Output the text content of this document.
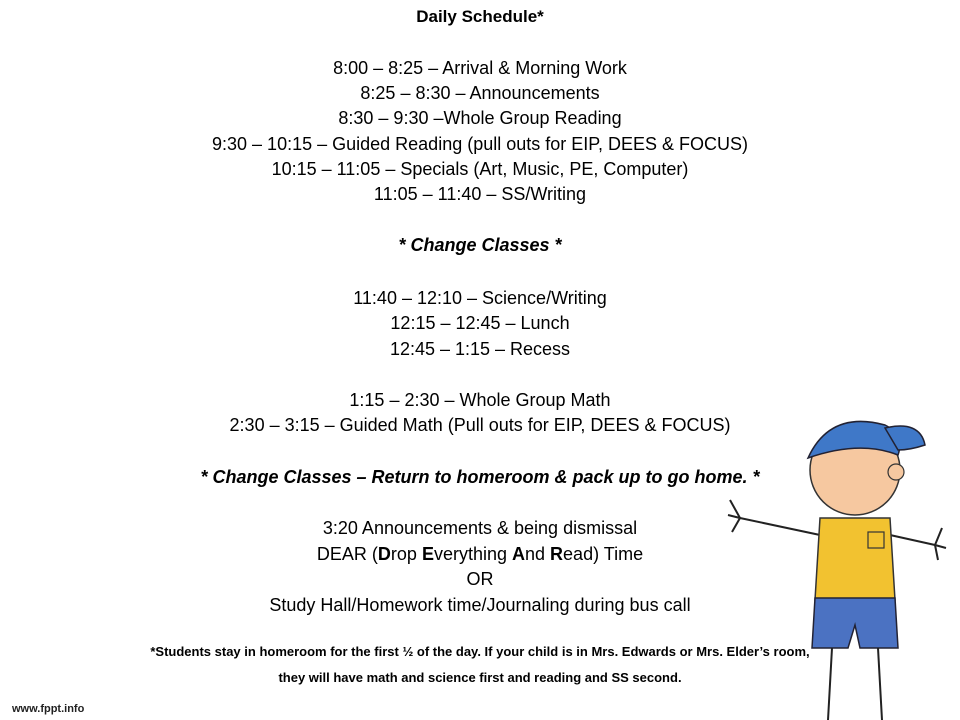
Daily Schedule*
8:00 – 8:25 – Arrival & Morning Work
8:25 – 8:30 – Announcements
8:30 – 9:30 –Whole Group Reading
9:30 – 10:15 – Guided Reading (pull outs for EIP, DEES & FOCUS)
10:15 – 11:05 – Specials (Art, Music, PE, Computer)
11:05 – 11:40 – SS/Writing
* Change Classes *
11:40 – 12:10 – Science/Writing
12:15 – 12:45 – Lunch
12:45 – 1:15 – Recess
1:15 – 2:30 – Whole Group Math
2:30 – 3:15 – Guided Math (Pull outs for EIP, DEES & FOCUS)
* Change Classes – Return to homeroom & pack up to go home. *
3:20 Announcements & being dismissal
DEAR (Drop Everything And Read) Time
OR
Study Hall/Homework time/Journaling during bus call
*Students stay in homeroom for the first ½ of the day. If your child is in Mrs. Edwards or Mrs. Elder’s room,
they will have math and science first and reading and SS second.
www.fppt.info
